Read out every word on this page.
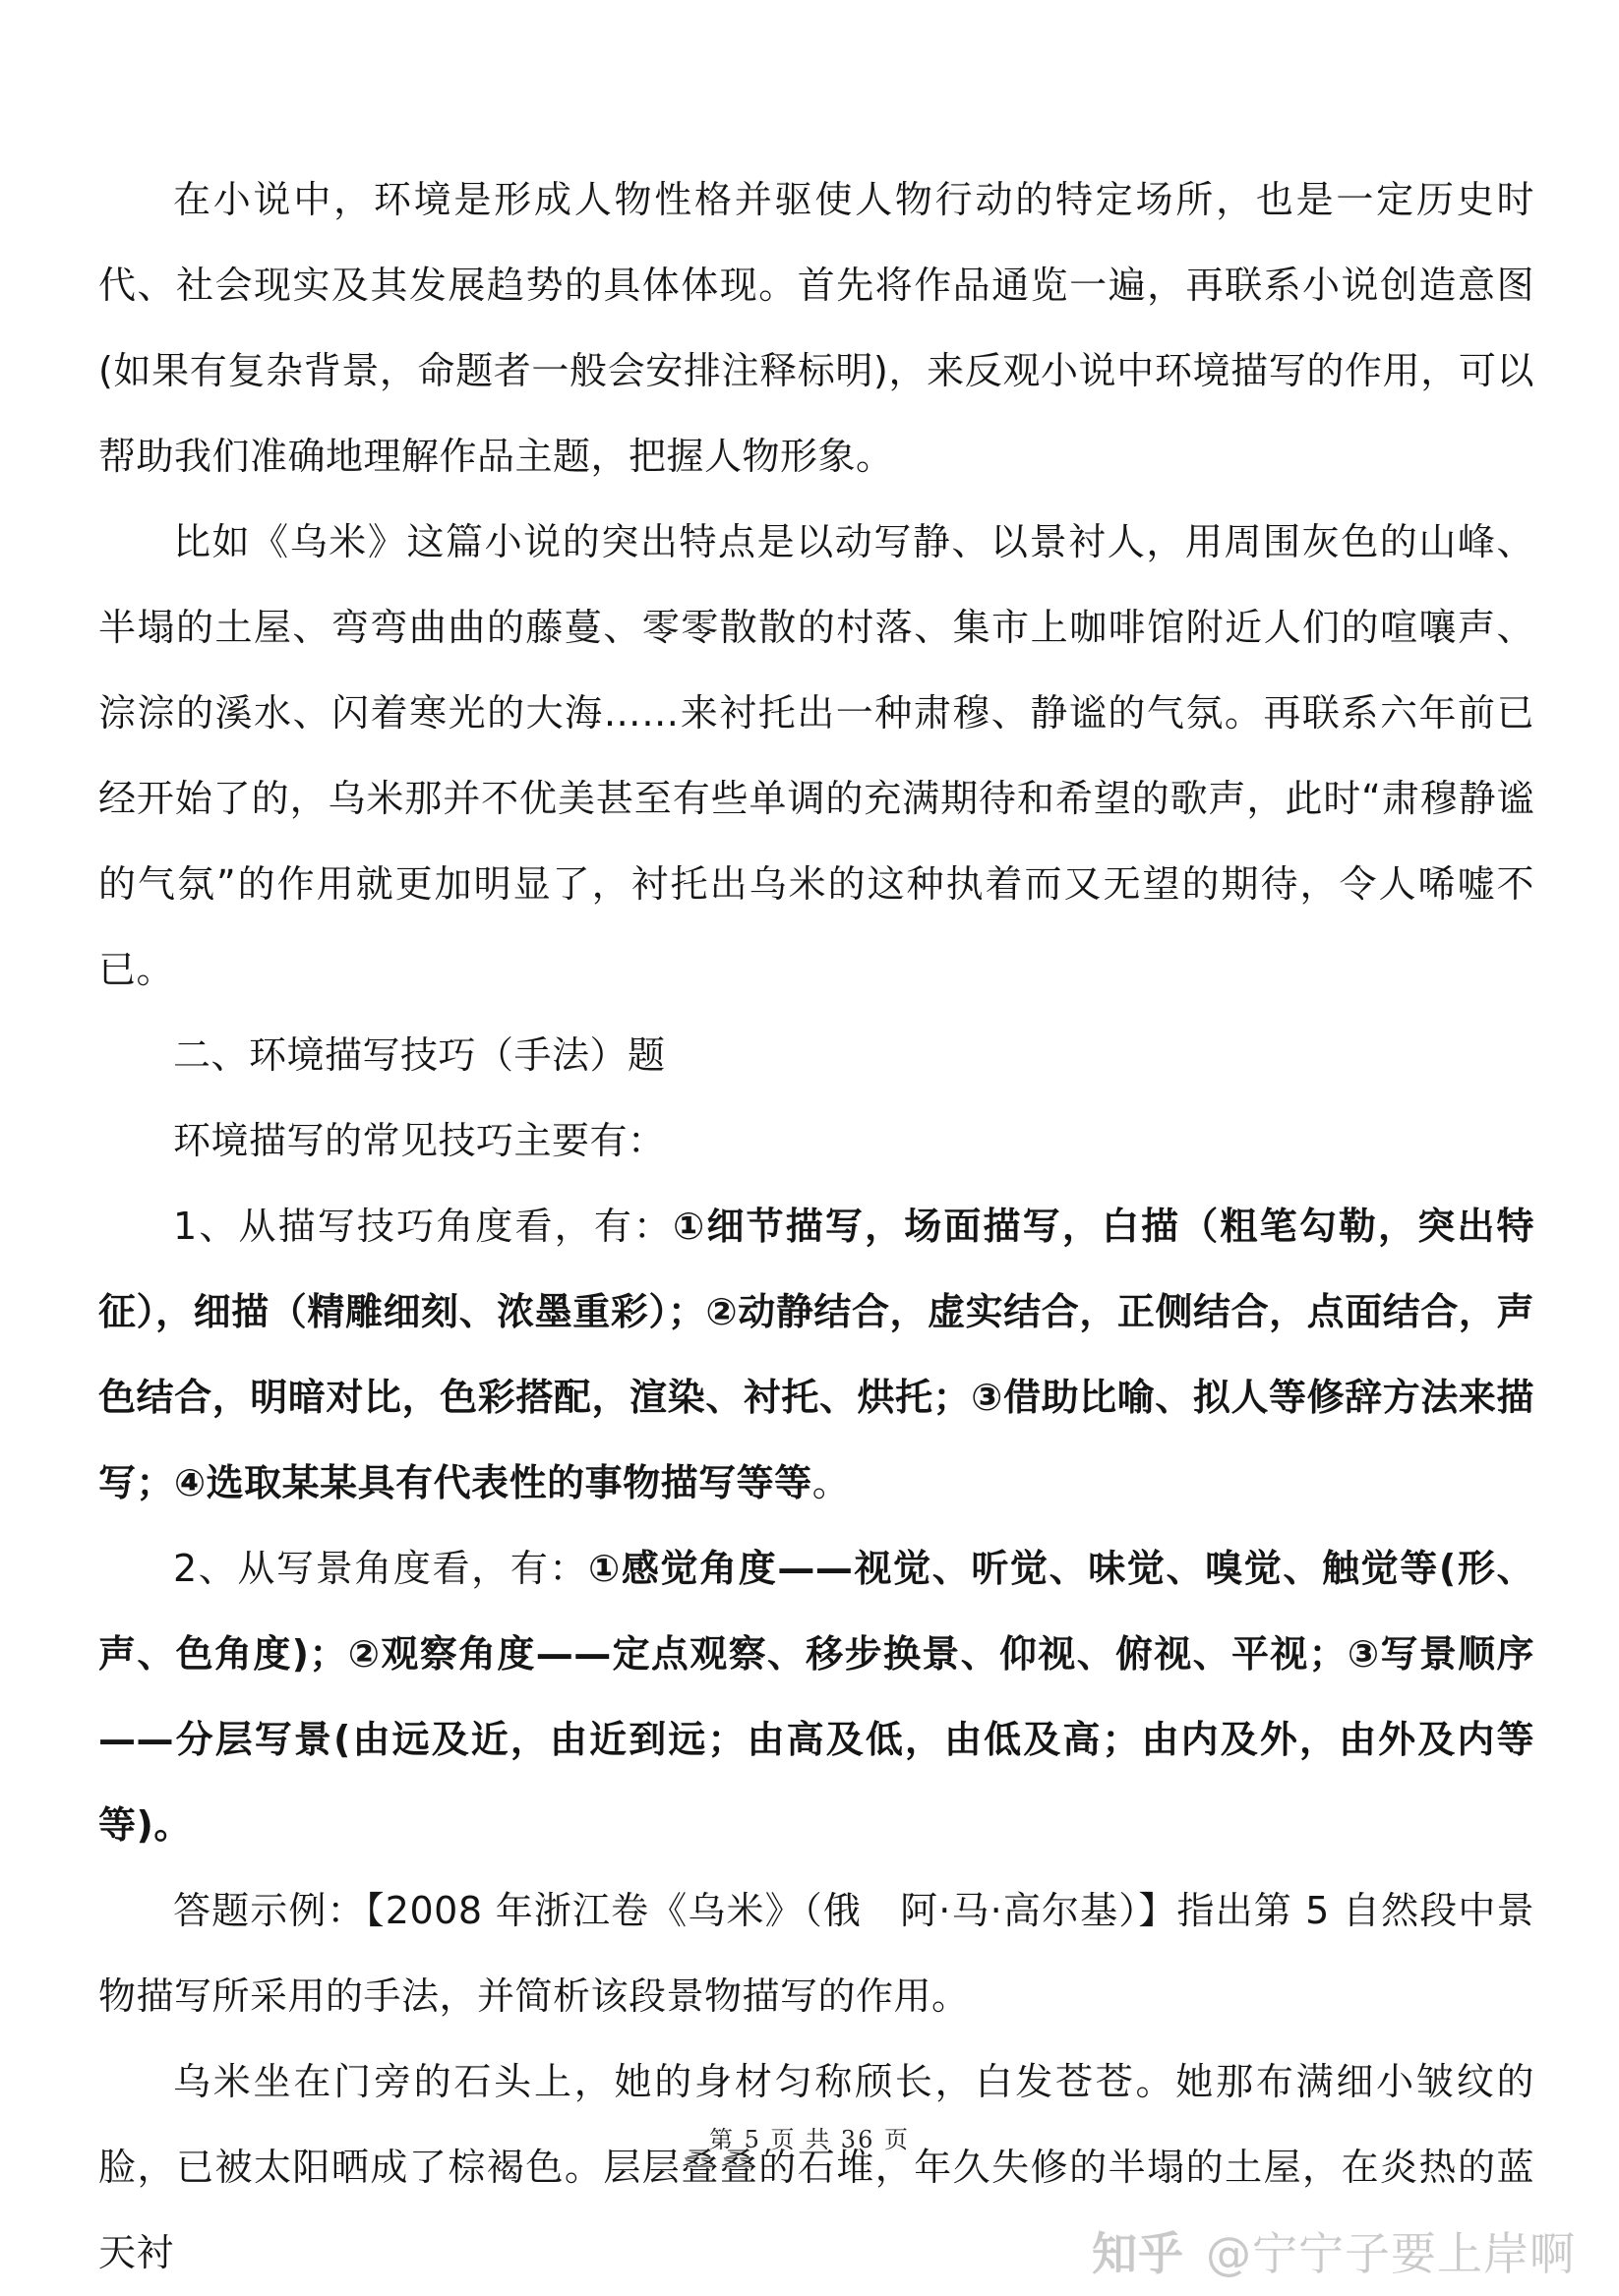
在小说中，环境是形成人物性格并驱使人物行动的特定场所，也是一定历史时代、社会现实及其发展趋势的具体体现。首先将作品通览一遍，再联系小说创造意图(如果有复杂背景，命题者一般会安排注释标明)，来反观小说中环境描写的作用，可以帮助我们准确地理解作品主题，把握人物形象。

比如《乌米》这篇小说的突出特点是以动写静、以景衬人，用周围灰色的山峰、半塌的土屋、弯弯曲曲的藤蔓、零零散散的村落、集市上咖啡馆附近人们的喧嚷声、淙淙的溪水、闪着寒光的大海……来衬托出一种肃穆、静谧的气氛。再联系六年前已经开始了的，乌米那并不优美甚至有些单调的充满期待和希望的歌声，此时“肃穆静谧的气氛”的作用就更加明显了，衬托出乌米的这种执着而又无望的期待，令人唏嘘不已。

二、环境描写技巧（手法）题

环境描写的常见技巧主要有：

1、从描写技巧角度看，有：①细节描写，场面描写，白描（粗笔勾勒，突出特征），细描（精雕细刻、浓墨重彩）；②动静结合，虚实结合，正侧结合，点面结合，声色结合，明暗对比，色彩搭配，渲染、衬托、烘托；③借助比喻、拟人等修辞方法来描写；④选取某某具有代表性的事物描写等等。

2、从写景角度看，有：①感觉角度——视觉、听觉、味觉、嗅觉、触觉等(形、声、色角度)；②观察角度——定点观察、移步换景、仰视、俯视、平视；③写景顺序——分层写景(由远及近，由近到远；由高及低，由低及高；由内及外，由外及内等等)。

答题示例：【2008 年浙江卷《乌米》（俄　阿·马·高尔基）】指出第 5 自然段中景物描写所采用的手法，并简析该段景物描写的作用。

乌米坐在门旁的石头上，她的身材匀称颀长，白发苍苍。她那布满细小皱纹的脸，已被太阳晒成了棕褐色。层层叠叠的石堆，年久失修的半塌的土屋，在炎热的蓝天衬

第 5 页 共 36 页
知乎 @宁宁子要上岸啊
